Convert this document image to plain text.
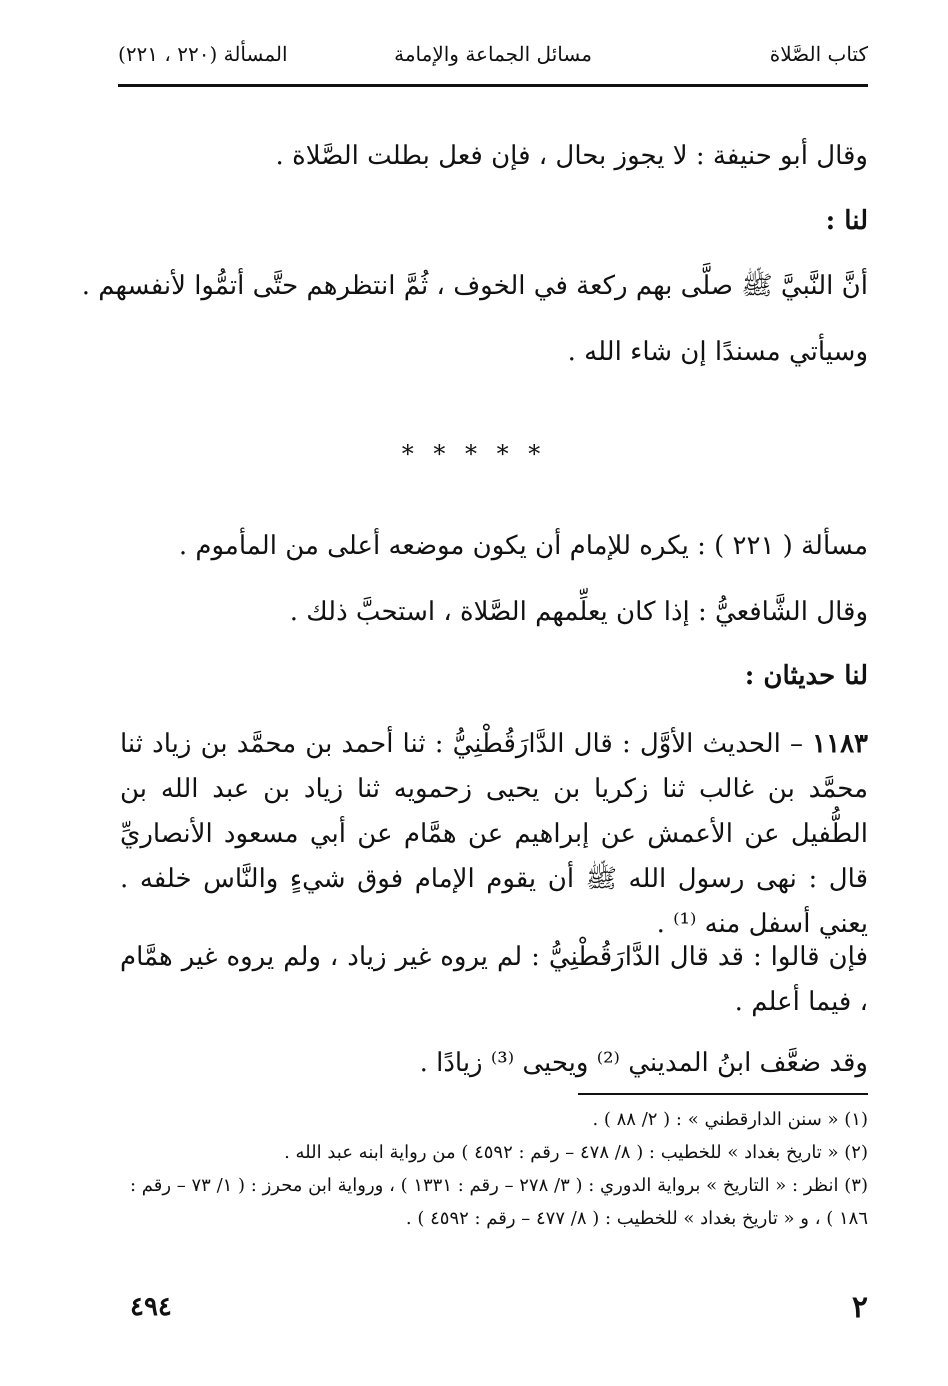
كتاب الصَّلاة
مسائل الجماعة والإمامة
المسألة (٢٢٠ ، ٢٢١)
وقال أبو حنيفة : لا يجوز بحال ، فإن فعل بطلت الصَّلاة .
لنا :
أنَّ النَّبيَّ ﷺ صلَّى بهم ركعة في الخوف ، ثُمَّ انتظرهم حتَّى أتمُّوا لأنفسهم .
وسيأتي مسندًا إن شاء الله .
* * * * *
مسألة ( ٢٢١ ) : يكره للإمام أن يكون موضعه أعلى من المأموم .
وقال الشَّافعيُّ : إذا كان يعلِّمهم الصَّلاة ، استحبَّ ذلك .
لنا حديثان :
١١٨٣ – الحديث الأوَّل : قال الدَّارَقُطْنِيُّ : ثنا أحمد بن محمَّد بن زياد ثنا محمَّد بن غالب ثنا زكريا بن يحيى زحمويه ثنا زياد بن عبد الله بن الطُّفيل عن الأعمش عن إبراهيم عن همَّام عن أبي مسعود الأنصاريِّ قال : نهى رسول الله ﷺ أن يقوم الإمام فوق شيءٍ والنَّاس خلفه . يعني أسفل منه ⁽¹⁾ .
فإن قالوا : قد قال الدَّارَقُطْنِيُّ : لم يروه غير زياد ، ولم يروه غير همَّام ، فيما أعلم .
وقد ضعَّف ابنُ المديني ⁽²⁾ ويحيى ⁽³⁾ زيادًا .

(١) « سنن الدارقطني » : ( ٢/ ٨٨ ) .

(٢) « تاريخ بغداد » للخطيب : ( ٨/ ٤٧٨ – رقم : ٤٥٩٢ ) من رواية ابنه عبد الله .

(٣) انظر : « التاريخ » برواية الدوري : ( ٣/ ٢٧٨ – رقم : ١٣٣١ ) ، ورواية ابن محرز : ( ١/ ٧٣ – رقم : ١٨٦ ) ، و « تاريخ بغداد » للخطيب : ( ٨/ ٤٧٧ – رقم : ٤٥٩٢ ) .

٢
٤٩٤
